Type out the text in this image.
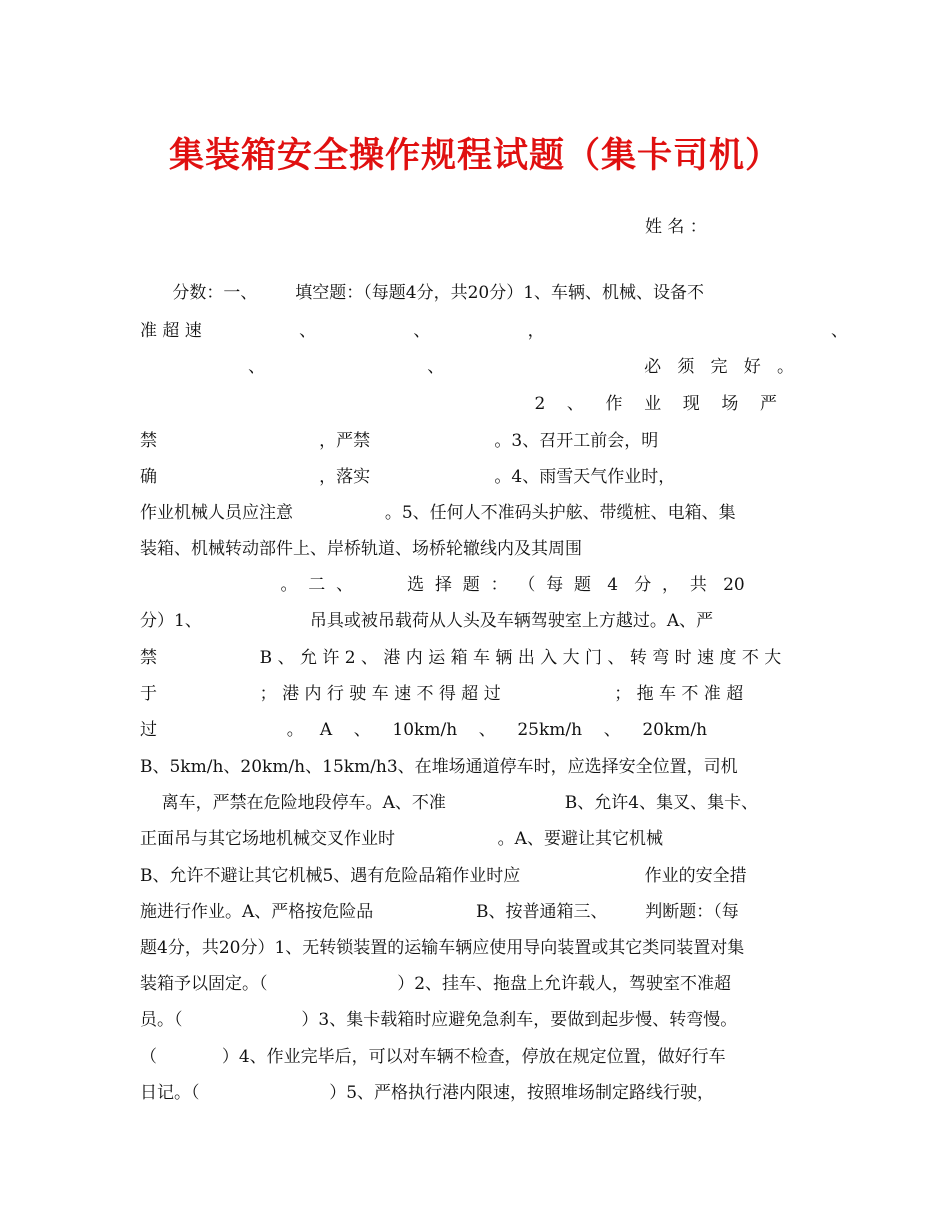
集装箱安全操作规程试题（集卡司机）
姓 名 ：
分数：一、       填空题：（每题4分，共20分）1、车辆、机械、设备不
准 超 速                  、                  、                  ，                                                     、
、                              、                                     必   须   完   好   。
2    、    作    业    现    场    严
禁                              ，严禁                       。3、召开工前会，明
确                              ，落实                       。4、雨雪天气作业时，
作业机械人员应注意                 。5、任何人不准码头护舷、带缆桩、电箱、集
装箱、机械转动部件上、岸桥轨道、场桥轮辙线内及其周围
。  二  、          选  择  题  ：  （  每  题   4   分  ，  共   20
分）1、                    吊具或被吊载荷从人头及车辆驾驶室上方越过。A、严
禁                   B 、 允 许 2 、 港 内 运 箱 车 辆 出 入 大 门 、 转 弯 时 速 度 不 大
于                   ； 港 内 行 驶 车 速 不 得 超 过                     ； 拖 车 不 准 超
过                        。   A    、    10km/h    、    25km/h    、    20km/h
B、5km/h、20km/h、15km/h3、在堆场通道停车时，应选择安全位置，司机
离车，严禁在危险地段停车。A、不准                      B、允许4、集叉、集卡、
正面吊与其它场地机械交叉作业时                   。A、要避让其它机械
B、允许不避让其它机械5、遇有危险品箱作业时应                       作业的安全措
施进行作业。A、严格按危险品                   B、按普通箱三、       判断题：（每
题4分，共20分）1、无转锁装置的运输车辆应使用导向装置或其它类同装置对集
装箱予以固定。（                        ）2、挂车、拖盘上允许载人，驾驶室不准超
员。（                      ）3、集卡载箱时应避免急刹车，要做到起步慢、转弯慢。
（            ）4、作业完毕后，可以对车辆不检查，停放在规定位置，做好行车
日记。（                        ）5、严格执行港内限速，按照堆场制定路线行驶，
